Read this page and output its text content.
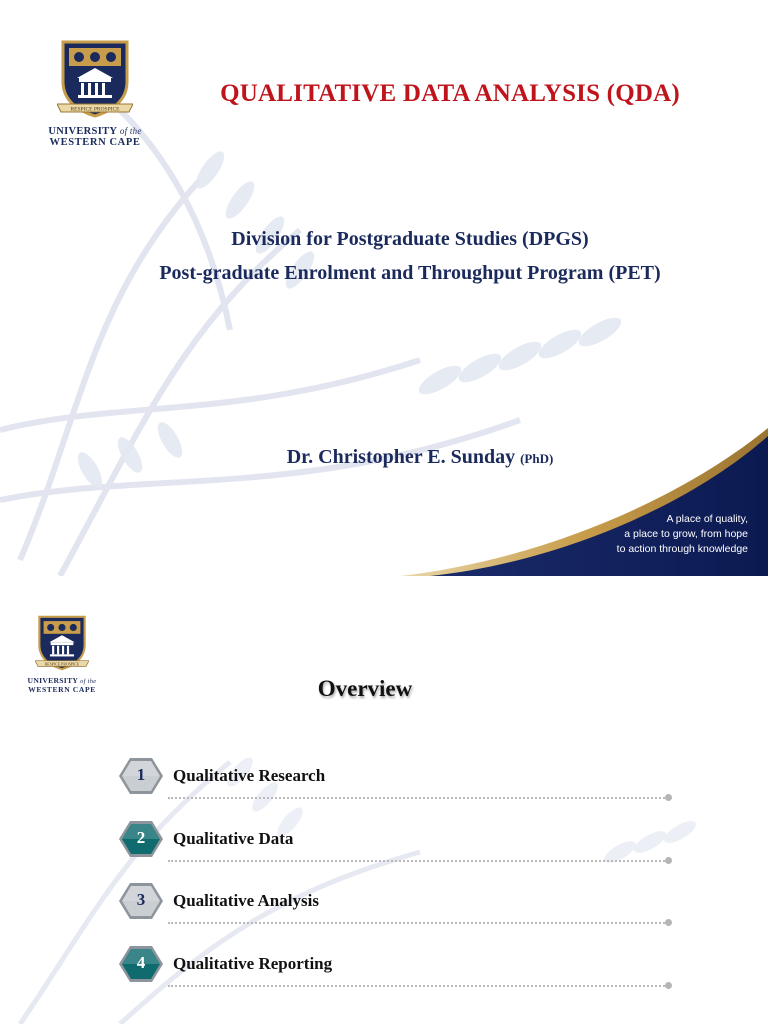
RESPICE PROSPICE
UNIVERSITY of the
WESTERN CAPE
QUALITATIVE DATA ANALYSIS (QDA)
Division for Postgraduate Studies (DPGS)
Post-graduate Enrolment and Throughput Program (PET)
Dr. Christopher E. Sunday (PhD)
A place of quality,
a place to grow, from hope
to action through knowledge
RESPICE PROSPICE
UNIVERSITY of the
WESTERN CAPE	Overview
1	Qualitative Research
2	Qualitative Data
3	Qualitative Analysis
4	Qualitative Reporting
